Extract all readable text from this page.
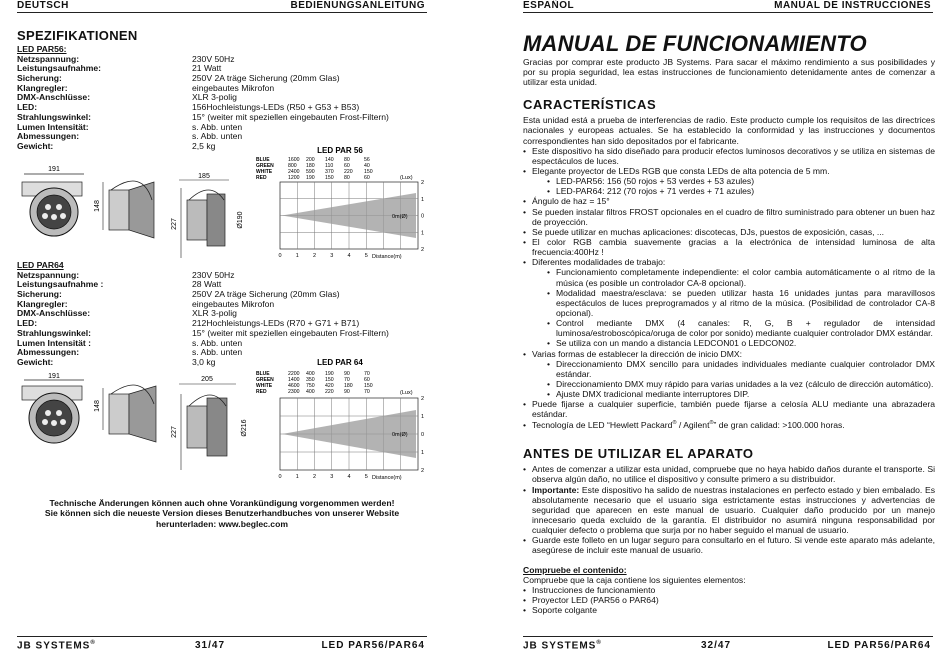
DEUTSCH	BEDIENUNGSANLEITUNG
SPEZIFIKATIONEN
LED PAR56:
Netzspannung:	230V 50Hz
Leistungsaufnahme:	21 Watt
Sicherung:	250V 2A träge Sicherung (20mm Glas)
Klangregler:	eingebautes Mikrofon
DMX-Anschlüsse:	XLR 3-polig
LED:	156Hochleistungs-LEDs (R50 + G53 + B53)
Strahlungswinkel:	15° (weiter mit speziellen eingebauten Frost-Filtern)
Lumen Intensität:	s. Abb. unten
Abmessungen:	s. Abb. unten
Gewicht:	2,5 kg
191
148
185
227	Ø190
LED PAR 56
BLUE	1600 200 140 80	56
GREEN	800 180 110 60	40
WHITE	2400 590 370 220 150
RED	1200 190 150 80	60	(Lux)
0m(Ø)
0	1	2	3	4	5
2
1
0
1
2
Distance(m)
LED PAR64
Netzspannung:	230V 50Hz
Leistungsaufnahme :	28 Watt
Sicherung:	250V 2A träge Sicherung (20mm Glas)
Klangregler:	eingebautes Mikrofon
DMX-Anschlüsse:	XLR 3-polig
LED:	212Hochleistungs-LEDs (R70 + G71 + B71)
Strahlungswinkel:	15° (weiter mit speziellen eingebauten Frost-Filtern)
Lumen Intensität :	s. Abb. unten
Abmessungen:	s. Abb. unten
Gewicht:	3,0 kg
191
148
205
227	Ø216
LED PAR 64
BLUE	2200 400 190 90	70
GREEN	1400 350 150 70	60
WHITE	4600 750 420 180 150
RED	2300 400 220 90	70	(Lux)
0m(Ø)
0	1	2	3	4	5
2
1
0
1
2
Distance(m)
Technische Änderungen können auch ohne Vorankündigung vorgenommen werden!
Sie können sich die neueste Version dieses Benutzerhandbuches von unserer Website
herunterladen: www.beglec.com
JB SYSTEMS®	31/47	LED PAR56/PAR64
ESPAÑOL	MANUAL DE INSTRUCCIONES
MANUAL DE FUNCIONAMIENTO
Gracias por comprar este producto JB Systems. Para sacar el máximo rendimiento a sus posibilidades y por su propia seguridad, lea estas instrucciones de funcionamiento detenidamente antes de comenzar a utilizar esta unidad.
CARACTERÍSTICAS
Esta unidad está a prueba de interferencias de radio. Este producto cumple los requisitos de las directrices nacionales y europeas actuales. Se ha establecido la conformidad y las instrucciones y documentos correspondientes han sido depositados por el fabricante.
• Este dispositivo ha sido diseñado para producir efectos luminosos decorativos y se utiliza en sistemas de espectáculos de luces.
• Elegante proyector de LEDs RGB que consta LEDs de alta potencia de 5 mm.
• LED-PAR56: 156 (50 rojos + 53 verdes + 53 azules)
• LED-PAR64: 212 (70 rojos + 71 verdes + 71 azules)
• Ángulo de haz = 15°
• Se pueden instalar filtros FROST opcionales en el cuadro de filtro suministrado para obtener un buen haz de proyección.
• Se puede utilizar en muchas aplicaciones: discotecas, DJs, puestos de exposición, casas, ...
• El color RGB cambia suavemente gracias a la electrónica de intensidad luminosa de alta frecuencia:400Hz !
• Diferentes modalidades de trabajo:
• Funcionamiento completamente independiente: el color cambia automáticamente o al ritmo de la música (es posible un controlador CA-8 opcional).
• Modalidad maestra/esclava: se pueden utilizar hasta 16 unidades juntas para maravillosos espectáculos de luces preprogramados y al ritmo de la música. (Posibilidad de controlador CA-8 opcional).
• Control mediante DMX (4 canales: R, G, B + regulador de intensidad luminosa/estroboscópica/oruga de color por sonido) mediante cualquier controlador DMX estándar.
• Se utiliza con un mando a distancia LEDCON01 o LEDCON02.
• Varias formas de establecer la dirección de inicio DMX:
• Direccionamiento DMX sencillo para unidades individuales mediante cualquier controlador DMX estándar.
• Direccionamiento DMX muy rápido para varias unidades a la vez (cálculo de dirección automático).
• Ajuste DMX tradicional mediante interruptores DIP.
• Puede fijarse a cualquier superficie, también puede fijarse a celosía ALU mediante una abrazadera estándar.
• Tecnología de LED “Hewlett Packard® / Agilent®” de gran calidad: >100.000 horas.
ANTES DE UTILIZAR EL APARATO
• Antes de comenzar a utilizar esta unidad, compruebe que no haya habido daños durante el transporte. Si observa algún daño, no utilice el dispositivo y consulte primero a su distribuidor.
• Importante: Este dispositivo ha salido de nuestras instalaciones en perfecto estado y bien embalado. Es absolutamente necesario que el usuario siga estrictamente estas instrucciones y advertencias de seguridad que aparecen en este manual de usuario. Cualquier daño producido por un manejo innecesario queda excluido de la garantía. El distribuidor no asumirá ninguna responsabilidad por cualquier defecto o problema que surja por no haber seguido el manual de usuario.
• Guarde este folleto en un lugar seguro para consultarlo en el futuro. Si vende este aparato más adelante, asegúrese de incluir este manual de usuario.
Compruebe el contenido:
Compruebe que la caja contiene los siguientes elementos:
• Instrucciones de funcionamiento
• Proyector LED (PAR56 o PAR64)
• Soporte colgante
JB SYSTEMS®	32/47	LED PAR56/PAR64
